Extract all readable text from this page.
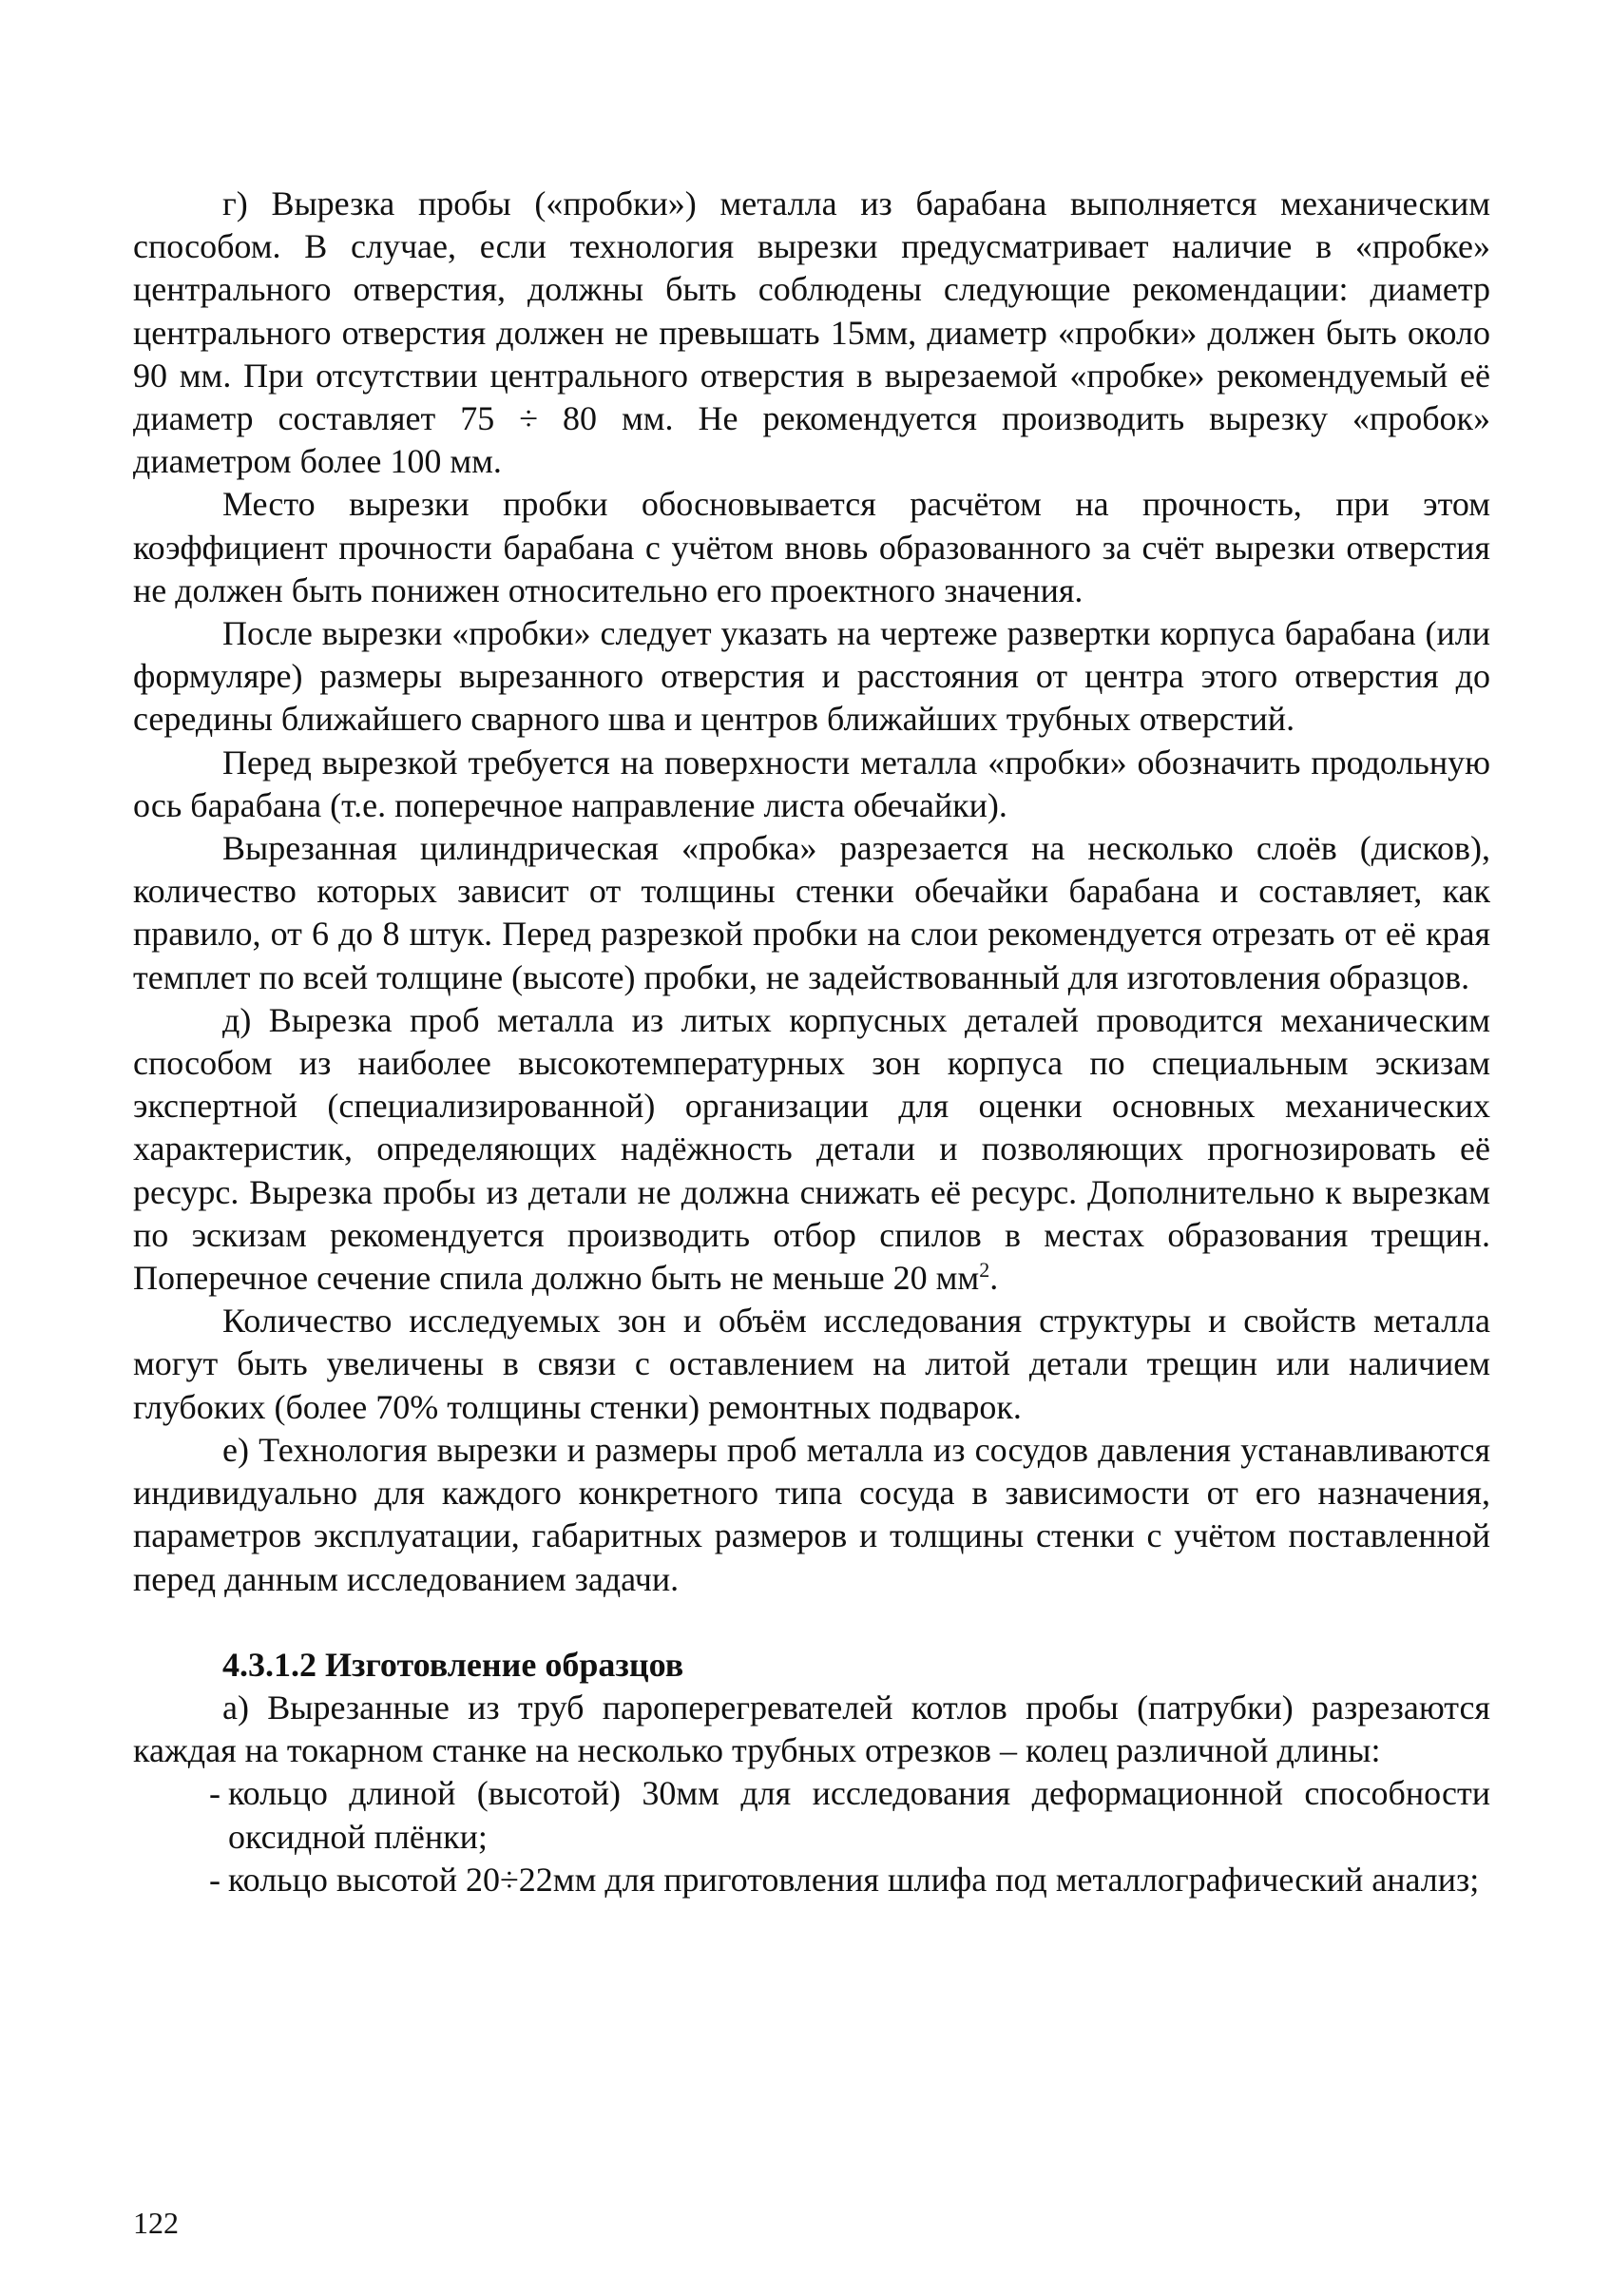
г) Вырезка пробы («пробки») металла из барабана выполняется механическим способом. В случае, если технология вырезки предусматривает наличие в «пробке» центрального отверстия, должны быть соблюдены следующие рекомендации: диаметр центрального отверстия должен не превышать 15мм, диаметр «пробки» должен быть около 90 мм. При отсутствии центрального отверстия в вырезаемой «пробке» рекомендуемый её диаметр составляет 75 ÷ 80 мм. Не рекомендуется производить вырезку «пробок» диаметром более 100 мм.

Место вырезки пробки обосновывается расчётом на прочность, при этом коэффициент прочности барабана с учётом вновь образованного за счёт вырезки отверстия не должен быть понижен относительно его проектного значения.

После вырезки «пробки» следует указать на чертеже развертки корпуса барабана (или формуляре) размеры вырезанного отверстия и расстояния от центра этого отверстия до середины ближайшего сварного шва и центров ближайших трубных отверстий.

Перед вырезкой требуется на поверхности металла «пробки» обозначить продольную ось барабана (т.е. поперечное направление листа обечайки).

Вырезанная цилиндрическая «пробка» разрезается на несколько слоёв (дисков), количество которых зависит от толщины стенки обечайки барабана и составляет, как правило, от 6 до 8 штук. Перед разрезкой пробки на слои рекомендуется отрезать от её края темплет по всей толщине (высоте) пробки, не задействованный для изготовления образцов.

д) Вырезка проб металла из литых корпусных деталей проводится механическим способом из наиболее высокотемпературных зон корпуса по специальным эскизам экспертной (специализированной) организации для оценки основных механических характеристик, определяющих надёжность детали и позволяющих прогнозировать её ресурс. Вырезка пробы из детали не должна снижать её ресурс. Дополнительно к вырезкам по эскизам рекомендуется производить отбор спилов в местах образования трещин. Поперечное сечение спила должно быть не меньше 20 $мм^2$.

Количество исследуемых зон и объём исследования структуры и свойств металла могут быть увеличены в связи с оставлением на литой детали трещин или наличием глубоких (более 70% толщины стенки) ремонтных подварок.

е) Технология вырезки и размеры проб металла из сосудов давления устанавливаются индивидуально для каждого конкретного типа сосуда в зависимости от его назначения, параметров эксплуатации, габаритных размеров и толщины стенки с учётом поставленной перед данным исследованием задачи.

4.3.1.2 Изготовление образцов

а) Вырезанные из труб пароперегревателей котлов пробы (патрубки) разрезаются каждая на токарном станке на несколько трубных отрезков – колец различной длины:

- кольцо длиной (высотой) 30мм для исследования деформационной способности оксидной плёнки;
- кольцо высотой 20÷22мм для приготовления шлифа под металлографический анализ;
122
